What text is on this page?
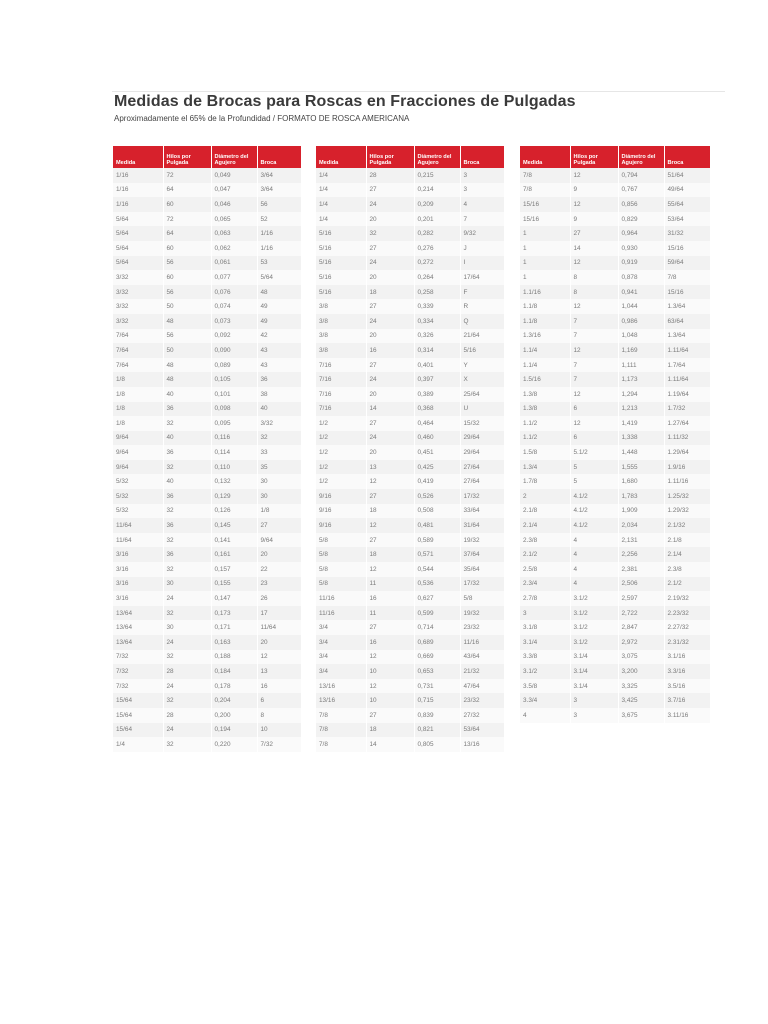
Medidas de Brocas para Roscas en Fracciones de Pulgadas
Aproximadamente el 65% de la Profundidad / FORMATO DE ROSCA AMERICANA
Medida	Hilos por Pulgada	Diámetro del Agujero	Broca
1/16	72	0,049	3/64
1/16	64	0,047	3/64
1/16	60	0,046	56
5/64	72	0,065	52
5/64	64	0,063	1/16
5/64	60	0,062	1/16
5/64	56	0,061	53
3/32	60	0,077	5/64
3/32	56	0,076	48
3/32	50	0,074	49
3/32	48	0,073	49
7/64	56	0,092	42
7/64	50	0,090	43
7/64	48	0,089	43
1/8	48	0,105	36
1/8	40	0,101	38
1/8	36	0,098	40
1/8	32	0,095	3/32
9/64	40	0,116	32
9/64	36	0,114	33
9/64	32	0,110	35
5/32	40	0,132	30
5/32	36	0,129	30
5/32	32	0,126	1/8
11/64	36	0,145	27
11/64	32	0,141	9/64
3/16	36	0,161	20
3/16	32	0,157	22
3/16	30	0,155	23
3/16	24	0,147	26
13/64	32	0,173	17
13/64	30	0,171	11/64
13/64	24	0,163	20
7/32	32	0,188	12
7/32	28	0,184	13
7/32	24	0,178	16
15/64	32	0,204	6
15/64	28	0,200	8
15/64	24	0,194	10
1/4	32	0,220	7/32
Medida	Hilos por Pulgada	Diámetro del Agujero	Broca
1/4	28	0,215	3
1/4	27	0,214	3
1/4	24	0,209	4
1/4	20	0,201	7
5/16	32	0,282	9/32
5/16	27	0,276	J
5/16	24	0,272	I
5/16	20	0,264	17/64
5/16	18	0,258	F
3/8	27	0,339	R
3/8	24	0,334	Q
3/8	20	0,326	21/64
3/8	16	0,314	5/16
7/16	27	0,401	Y
7/16	24	0,397	X
7/16	20	0,389	25/64
7/16	14	0,368	U
1/2	27	0,464	15/32
1/2	24	0,460	29/64
1/2	20	0,451	29/64
1/2	13	0,425	27/64
1/2	12	0,419	27/64
9/16	27	0,526	17/32
9/16	18	0,508	33/64
9/16	12	0,481	31/64
5/8	27	0,589	19/32
5/8	18	0,571	37/64
5/8	12	0,544	35/64
5/8	11	0,536	17/32
11/16	16	0,627	5/8
11/16	11	0,599	19/32
3/4	27	0,714	23/32
3/4	16	0,689	11/16
3/4	12	0,669	43/64
3/4	10	0,653	21/32
13/16	12	0,731	47/64
13/16	10	0,715	23/32
7/8	27	0,839	27/32
7/8	18	0,821	53/64
7/8	14	0,805	13/16
Medida	Hilos por Pulgada	Diámetro del Agujero	Broca
7/8	12	0,794	51/64
7/8	9	0,767	49/64
15/16	12	0,856	55/64
15/16	9	0,829	53/64
1	27	0,964	31/32
1	14	0,930	15/16
1	12	0,919	59/64
1	8	0,878	7/8
1.1/16	8	0,941	15/16
1.1/8	12	1,044	1.3/64
1.1/8	7	0,986	63/64
1.3/16	7	1,048	1.3/64
1.1/4	12	1,169	1.11/64
1.1/4	7	1,111	1.7/64
1.5/16	7	1,173	1.11/64
1.3/8	12	1,294	1.19/64
1.3/8	6	1,213	1.7/32
1.1/2	12	1,419	1.27/64
1.1/2	6	1,338	1.11/32
1.5/8	5.1/2	1,448	1.29/64
1.3/4	5	1,555	1.9/16
1.7/8	5	1,680	1.11/16
2	4.1/2	1,783	1.25/32
2.1/8	4.1/2	1,909	1.29/32
2.1/4	4.1/2	2,034	2.1/32
2.3/8	4	2,131	2.1/8
2.1/2	4	2,256	2.1/4
2.5/8	4	2,381	2.3/8
2.3/4	4	2,506	2.1/2
2.7/8	3.1/2	2,597	2.19/32
3	3.1/2	2,722	2.23/32
3.1/8	3.1/2	2,847	2.27/32
3.1/4	3.1/2	2,972	2.31/32
3.3/8	3.1/4	3,075	3.1/16
3.1/2	3.1/4	3,200	3.3/16
3.5/8	3.1/4	3,325	3.5/16
3.3/4	3	3,425	3.7/16
4	3	3,675	3.11/16
